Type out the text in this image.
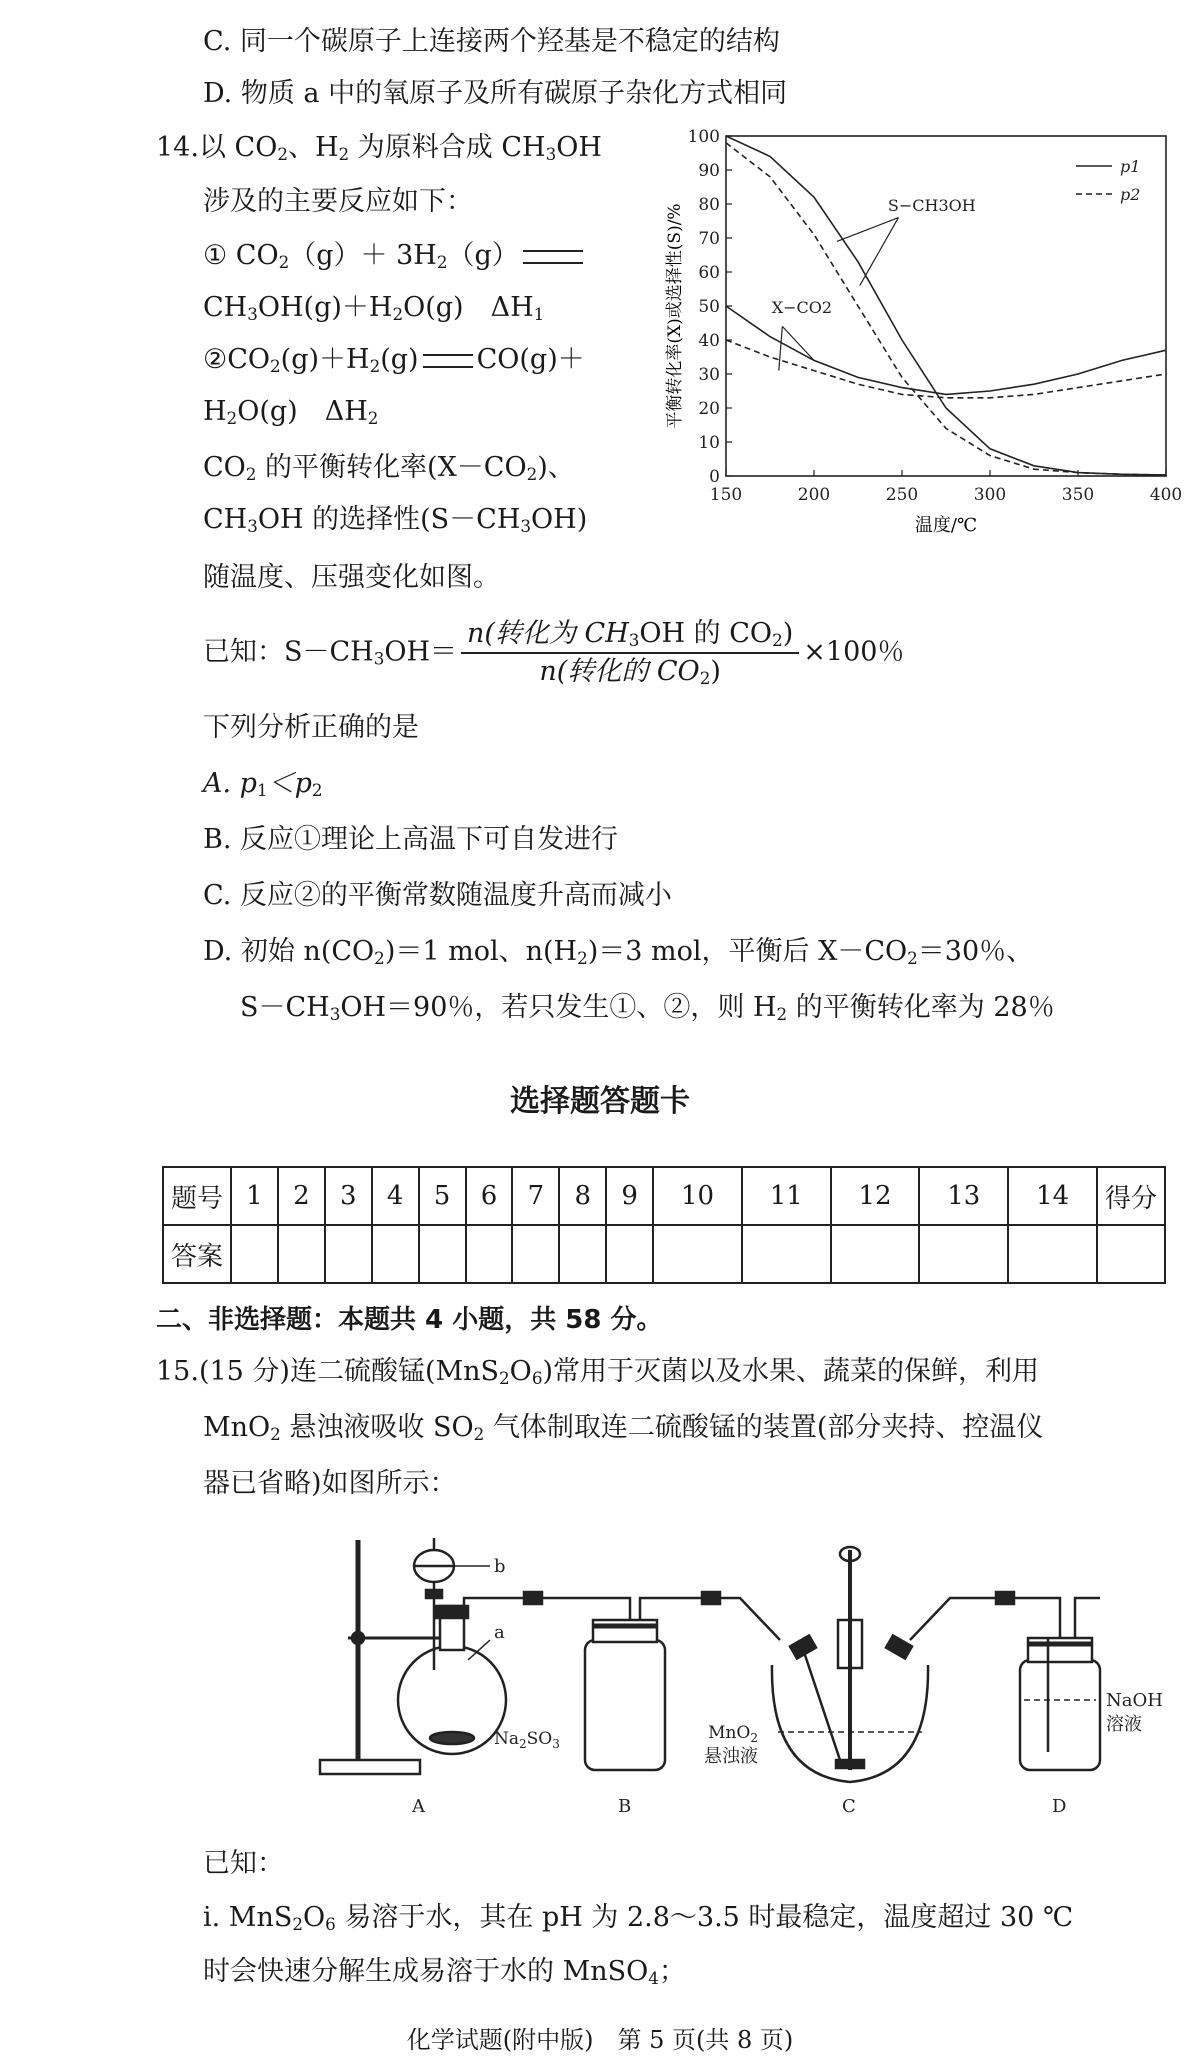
C. 同一个碳原子上连接两个羟基是不稳定的结构
D. 物质 a 中的氧原子及所有碳原子杂化方式相同
14.以 $CO_2$、$H_2$ 为原料合成 $CH_3OH$
涉及的主要反应如下：
① $CO_2(g)+ 3H_2(g)$
$CH_3OH(g)+H_2O(g)$　$\Delta H_1$
$②CO_2(g)+H_2(g)$ CO(g)＋
$H_2O(g)$　$\Delta H_2$
$CO_2$ 的平衡转化率$(X-CO_2)$、
$CH_3OH$ 的选择性$(S-CH_3OH)$
随温度、压强变化如图。
已知：$S-CH_3OH= \frac{n(转化为 CH_3OH 的 CO_2)}{n(转化的 CO_2)} \times 100$％
下列分析正确的是
A. $p_1<p_2$
B. 反应①理论上高温下可自发进行
C. 反应②的平衡常数随温度升高而减小
D. 初始 $n(CO_2)=1$ mol、$n(H_2)=3$ mol，平衡后 $X-CO_2=30$％、
$S-CH_3OH=90$％，若只发生①、②，则 $H_2$ 的平衡转化率为 28％
平衡转化率(X)或选择性(S)/%
温度/℃
0
10
20
30
40
50
60
70
80
90
100
150	200	250	300	350	400
p1
p2
S−CH3OH
X−CO2
选择题答题卡
题号	1	2	3	4	5	6	7	8	9	10	11	12	13	14	得分
答案															
二、非选择题：本题共 4 小题，共 58 分。
15.(15 分)连二硫酸锰$(MnS_2O_6)$常用于灭菌以及水果、蔬菜的保鲜，利用
MnO$_2$ 悬浊液吸收 $SO_2$ 气体制取连二硫酸锰的装置(部分夹持、控温仪
器已省略)如图所示：
b
a
$Na_2SO_3$
MnO$_2$
悬浊液
NaOH
溶液
A	B	C	D
已知：
ⅰ. $MnS_2O_6$ 易溶于水，其在 pH 为 2.8～3.5 时最稳定，温度超过 30 ℃
时会快速分解生成易溶于水的 MnSO$_4$；
化学试题(附中版)　第 5 页(共 8 页)
